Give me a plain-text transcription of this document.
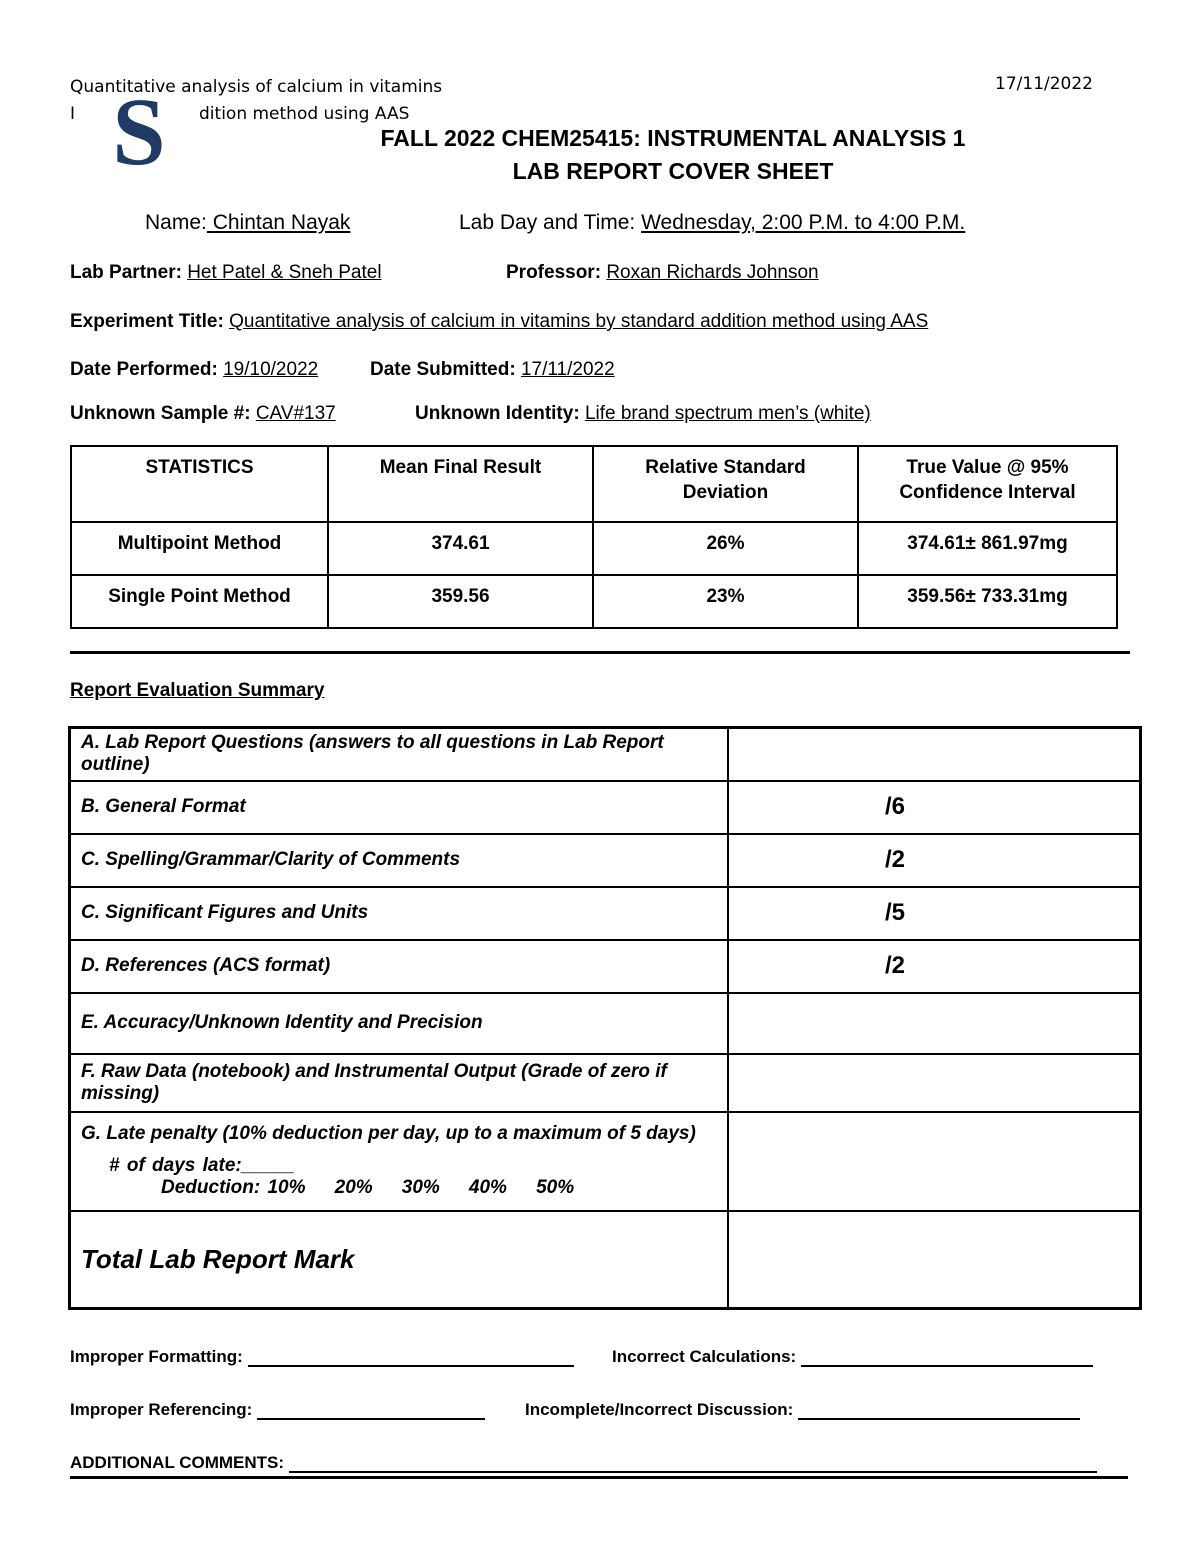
Quantitative analysis of calcium in vitamins
I	dition method using AAS
17/11/2022
S	FALL 2022 CHEM25415: INSTRUMENTAL ANALYSIS 1
LAB REPORT COVER SHEET
Name: Chintan Nayak	Lab Day and Time: Wednesday, 2:00 P.M. to 4:00 P.M.
Lab Partner: Het Patel & Sneh Patel	Professor: Roxan Richards Johnson
Experiment Title: Quantitative analysis of calcium in vitamins by standard addition method using AAS
Date Performed: 19/10/2022	Date Submitted: 17/11/2022
Unknown Sample #: CAV#137	Unknown Identity: Life brand spectrum men’s (white)
STATISTICS	Mean Final Result	Relative Standard Deviation	True Value @ 95% Confidence Interval
Multipoint Method	374.61	26%	374.61± 861.97mg
Single Point Method	359.56	23%	359.56± 733.31mg
Report Evaluation Summary
A. Lab Report Questions (answers to all questions in Lab Report outline)	
B. General Format	/6
C. Spelling/Grammar/Clarity of Comments	/2
C. Significant Figures and Units	/5
D. References (ACS format)	/2
E. Accuracy/Unknown Identity and Precision	
F. Raw Data (notebook) and Instrumental Output (Grade of zero if missing)	
G. Late penalty (10% deduction per day, up to a maximum of 5 days)
# of days late:_____ Deduction: 10%    20%    30%    40%    50%	

Total Lab Report Mark	
Improper Formatting:	Incorrect Calculations:
Improper Referencing:	Incomplete/Incorrect Discussion:
ADDITIONAL COMMENTS:
